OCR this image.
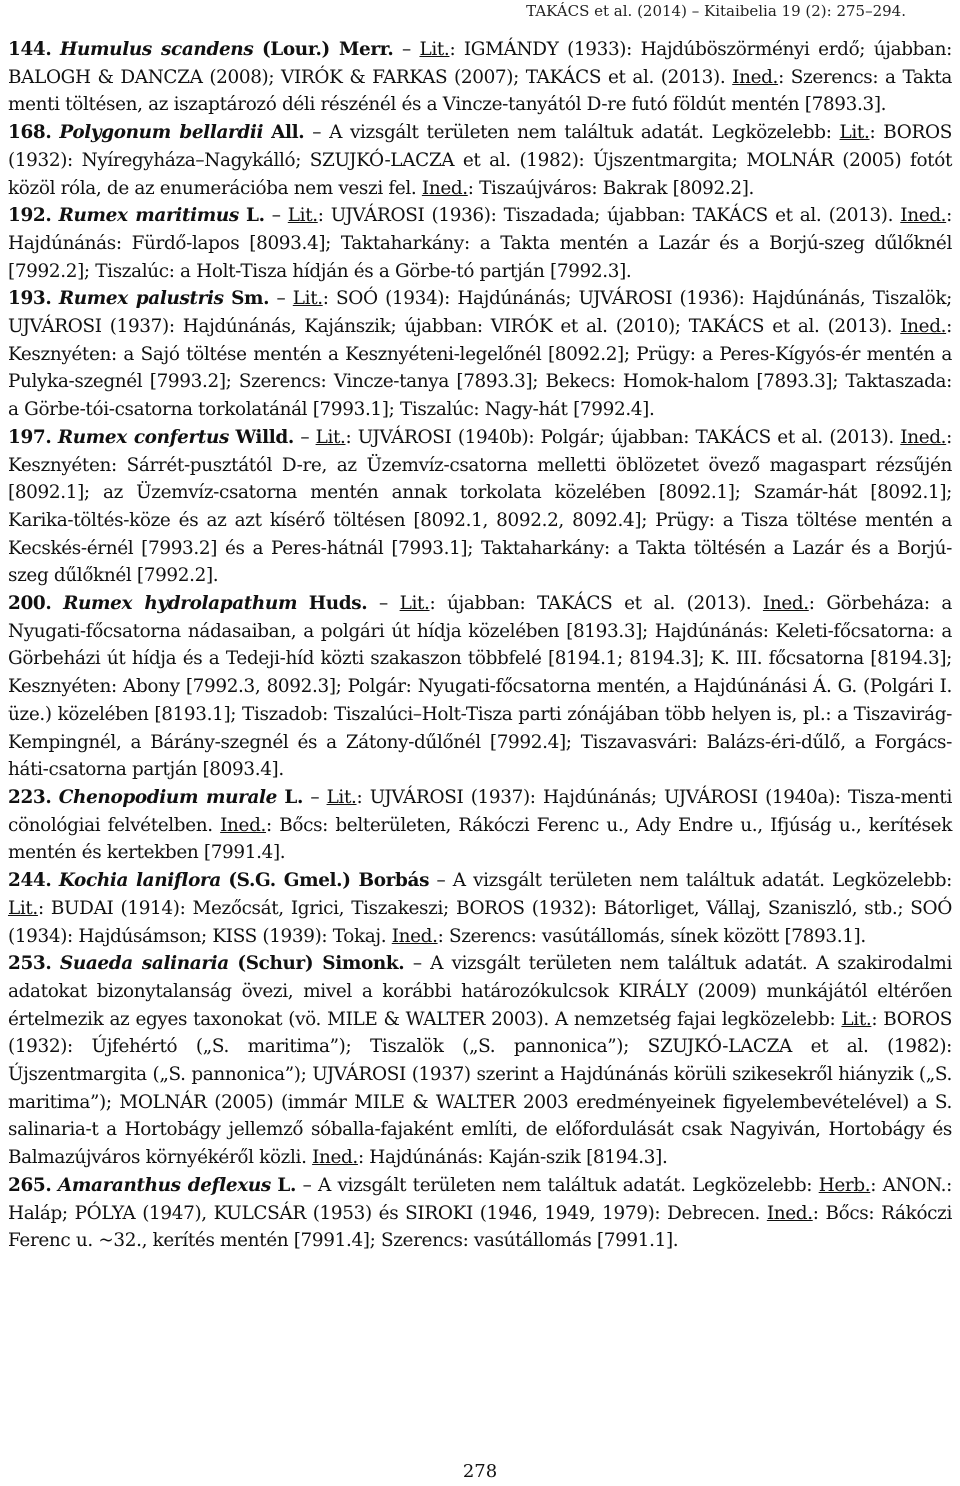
TAKÁCS et al. (2014) – Kitaibelia 19 (2): 275–294.

144. Humulus scandens (Lour.) Merr. – Lit.: IGMÁNDY (1933): Hajdúböszörményi erdő; újabban: BALOGH & DANCZA (2008); VIRÓK & FARKAS (2007); TAKÁCS et al. (2013). Ined.: Szerencs: a Takta menti töltésen, az iszaptározó déli részénél és a Vincze-tanyától D-re futó földút mentén [7893.3].

168. Polygonum bellardii All. – A vizsgált területen nem találtuk adatát. Legközelebb: Lit.: BOROS (1932): Nyíregyháza–Nagykálló; SZUJKÓ-LACZA et al. (1982): Újszentmargita; MOLNÁR (2005) fotót közöl róla, de az enumerációba nem veszi fel. Ined.: Tiszaújváros: Bakrak [8092.2].

192. Rumex maritimus L. – Lit.: UJVÁROSI (1936): Tiszadada; újabban: TAKÁCS et al. (2013). Ined.: Hajdúnánás: Fürdő-lapos [8093.4]; Taktaharkány: a Takta mentén a Lazár és a Borjú-szeg dűlőknél [7992.2]; Tiszalúc: a Holt-Tisza hídján és a Görbe-tó partján [7992.3].

193. Rumex palustris Sm. – Lit.: SOÓ (1934): Hajdúnánás; UJVÁROSI (1936): Hajdúnánás, Tiszalök; UJVÁROSI (1937): Hajdúnánás, Kajánszik; újabban: VIRÓK et al. (2010); TAKÁCS et al. (2013). Ined.: Kesznyéten: a Sajó töltése mentén a Kesznyéteni-legelőnél [8092.2]; Prügy: a Peres-Kígyós-ér mentén a Pulyka-szegnél [7993.2]; Szerencs: Vincze-tanya [7893.3]; Bekecs: Homok-halom [7893.3]; Taktaszada: a Görbe-tói-csatorna torkolatánál [7993.1]; Tiszalúc: Nagy-hát [7992.4].

197. Rumex confertus Willd. – Lit.: UJVÁROSI (1940b): Polgár; újabban: TAKÁCS et al. (2013). Ined.: Kesznyéten: Sárrét-pusztától D-re, az Üzemvíz-csatorna melletti öblözetet övező magaspart rézsűjén [8092.1]; az Üzemvíz-csatorna mentén annak torkolata közelében [8092.1]; Szamár-hát [8092.1]; Karika-töltés-köze és az azt kísérő töltésen [8092.1, 8092.2, 8092.4]; Prügy: a Tisza töltése mentén a Kecskés-érnél [7993.2] és a Peres-hátnál [7993.1]; Taktaharkány: a Takta töltésén a Lazár és a Borjú-szeg dűlőknél [7992.2].

200. Rumex hydrolapathum Huds. – Lit.: újabban: TAKÁCS et al. (2013). Ined.: Görbeháza: a Nyugati-főcsatorna nádasaiban, a polgári út hídja közelében [8193.3]; Hajdúnánás: Keleti-főcsatorna: a Görbeházi út hídja és a Tedeji-híd közti szakaszon többfelé [8194.1; 8194.3]; K. III. főcsatorna [8194.3]; Kesznyéten: Abony [7992.3, 8092.3]; Polgár: Nyugati-főcsatorna mentén, a Hajdúnánási Á. G. (Polgári I. üze.) közelében [8193.1]; Tiszadob: Tiszalúci–Holt-Tisza parti zónájában több helyen is, pl.: a Tiszavirág-Kempingnél, a Bárány-szegnél és a Zátony-dűlőnél [7992.4]; Tiszavasvári: Balázs-éri-dűlő, a Forgács-háti-csatorna partján [8093.4].

223. Chenopodium murale L. – Lit.: UJVÁROSI (1937): Hajdúnánás; UJVÁROSI (1940a): Tisza-menti cönológiai felvételben. Ined.: Bőcs: belterületen, Rákóczi Ferenc u., Ady Endre u., Ifjúság u., kerítések mentén és kertekben [7991.4].

244. Kochia laniflora (S.G. Gmel.) Borbás – A vizsgált területen nem találtuk adatát. Legközelebb: Lit.: BUDAI (1914): Mezőcsát, Igrici, Tiszakeszi; BOROS (1932): Bátorliget, Vállaj, Szaniszló, stb.; SOÓ (1934): Hajdúsámson; KISS (1939): Tokaj. Ined.: Szerencs: vasútállomás, sínek között [7893.1].

253. Suaeda salinaria (Schur) Simonk. – A vizsgált területen nem találtuk adatát. A szakirodalmi adatokat bizonytalanság övezi, mivel a korábbi határozókulcsok KIRÁLY (2009) munkájától eltérően értelmezik az egyes taxonokat (vö. MILE & WALTER 2003). A nemzetség fajai legközelebb: Lit.: BOROS (1932): Újfehértó („S. maritima”); Tiszalök („S. pannonica”); SZUJKÓ-LACZA et al. (1982): Újszentmargita („S. pannonica”); UJVÁROSI (1937) szerint a Hajdúnánás körüli szikesekről hiányzik („S. maritima”); MOLNÁR (2005) (immár MILE & WALTER 2003 eredményeinek figyelembevételével) a S. salinaria-t a Hortobágy jellemző sóballa-fajaként említi, de előfordulását csak Nagyiván, Hortobágy és Balmazújváros környékéről közli. Ined.: Hajdúnánás: Kaján-szik [8194.3].

265. Amaranthus deflexus L. – A vizsgált területen nem találtuk adatát. Legközelebb: Herb.: ANON.: Haláp; PÓLYA (1947), KULCSÁR (1953) és SIROKI (1946, 1949, 1979): Debrecen. Ined.: Bőcs: Rákóczi Ferenc u. ~32., kerítés mentén [7991.4]; Szerencs: vasútállomás [7991.1].

278
